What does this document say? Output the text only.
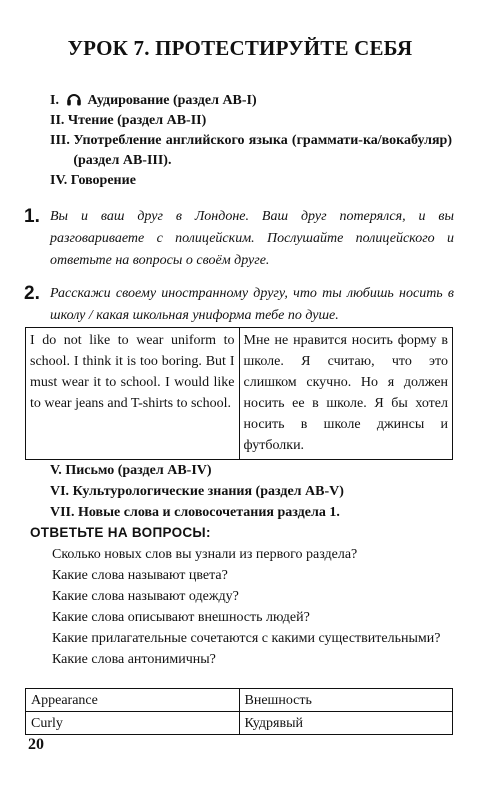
УРОК 7. ПРОТЕСТИРУЙТЕ СЕБЯ
I. Аудирование (раздел AB-I)
II. Чтение (раздел AB-II)
III. Употребление английского языка (граммати-ка/вокабуляр) (раздел AB-III).
IV. Говорение
1. Вы и ваш друг в Лондоне. Ваш друг потерялся, и вы разговариваете с полицейским. Послушайте полицейского и ответьте на вопросы о своём друге.
2. Расскажи своему иностранному другу, что ты любишь носить в школу / какая школьная униформа тебе по душе.
I do not like to wear uniform to school. I think it is too boring. But I must wear it to school. I would like to wear jeans and T-shirts to school.	Мне не нравится носить форму в школе. Я считаю, что это слишком скучно. Но я должен носить ее в школе. Я бы хотел носить в школе джинсы и футболки.
V. Письмо (раздел AB-IV)
VI. Культурологические знания (раздел AB-V)
VII. Новые слова и словосочетания раздела 1.
ОТВЕТЬТЕ НА ВОПРОСЫ:
Сколько новых слов вы узнали из первого раздела?
Какие слова называют цвета?
Какие слова называют одежду?
Какие слова описывают внешность людей?
Какие прилагательные сочетаются с какими существительными?
Какие слова антонимичны?
Appearance	Внешность
Curly	Кудрявый
20
